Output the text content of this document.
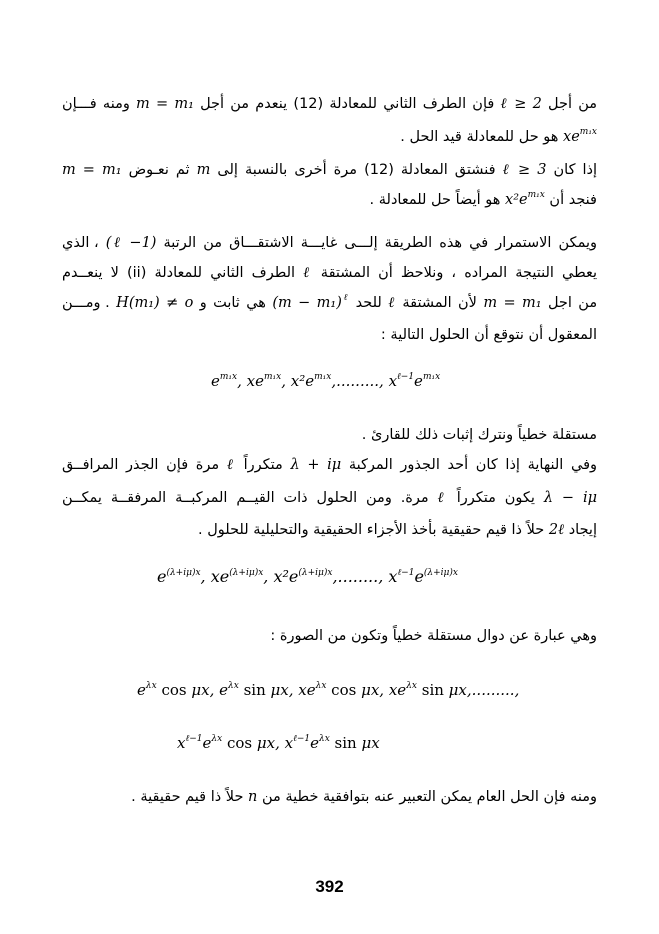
من أجل ℓ ≥ 2 فإن الطرف الثاني للمعادلة (12) ينعدم من أجل m = m₁ ومنه فـــإن
$xe^{m_1x}$ هو حل للمعادلة قيد الحل .
إذا كان ℓ ≥ 3 فنشتق المعادلة (12) مرة أخرى بالنسبة إلى m ثم نعـوض m = m₁
فنجد أن $x^2e^{m_1x}$ هو أيضاً حل للمعادلة .
ويمكن الاستمرار في هذه الطريقة إلـــى غايـــة الاشتقـــاق من الرتبة (ℓ −1) ، الذي
يعطي النتيجة المراده ، ونلاحظ أن المشتقة ℓ الطرف الثاني للمعادلة (ii) لا ينعــدم
من اجل m = m₁ لأن المشتقة ℓ للحد $(m - m_1)^\ell$ هي ثابت و H(m₁) ≠ o . ومـــن
المعقول أن نتوقع أن الحلول التالية :
$e^{m_1x}$, $xe^{m_1x}$, $x^2e^{m_1x}$,........., $x^{\ell-1}e^{m_1x}$
مستقلة خطياً ونترك إثبات ذلك للقارئ .
وفي النهاية إذا كان أحد الجذور المركبة λ + iμ متكرراً ℓ مرة فإن الجذر المرافــق
λ − iμ يكون متكرراً ℓ مرة. ومن الحلول ذات القيــم المركبــة المرفقــة يمكــن
إيجاد 2ℓ حلاً ذا قيم حقيقية بأخذ الأجزاء الحقيقية والتحليلية للحلول .
$e^{(\lambda+i\mu)x}$, $xe^{(\lambda+i\mu)x}$, $x^2e^{(\lambda+i\mu)x}$,........, $x^{\ell-1}e^{(\lambda+i\mu)x}$
وهي عبارة عن دوال مستقلة خطياً وتكون من الصورة :
$e^{\lambda x}$ cos μx, $e^{\lambda x}$ sin μx, $xe^{\lambda x}$ cos μx, $xe^{\lambda x}$ sin μx,.........,
$x^{\ell-1}e^{\lambda x}$ cos μx, $x^{\ell-1}e^{\lambda x}$ sin μx
ومنه فإن الحل العام يمكن التعبير عنه بتوافقية خطية من n حلاً ذا قيم حقيقية .
392
